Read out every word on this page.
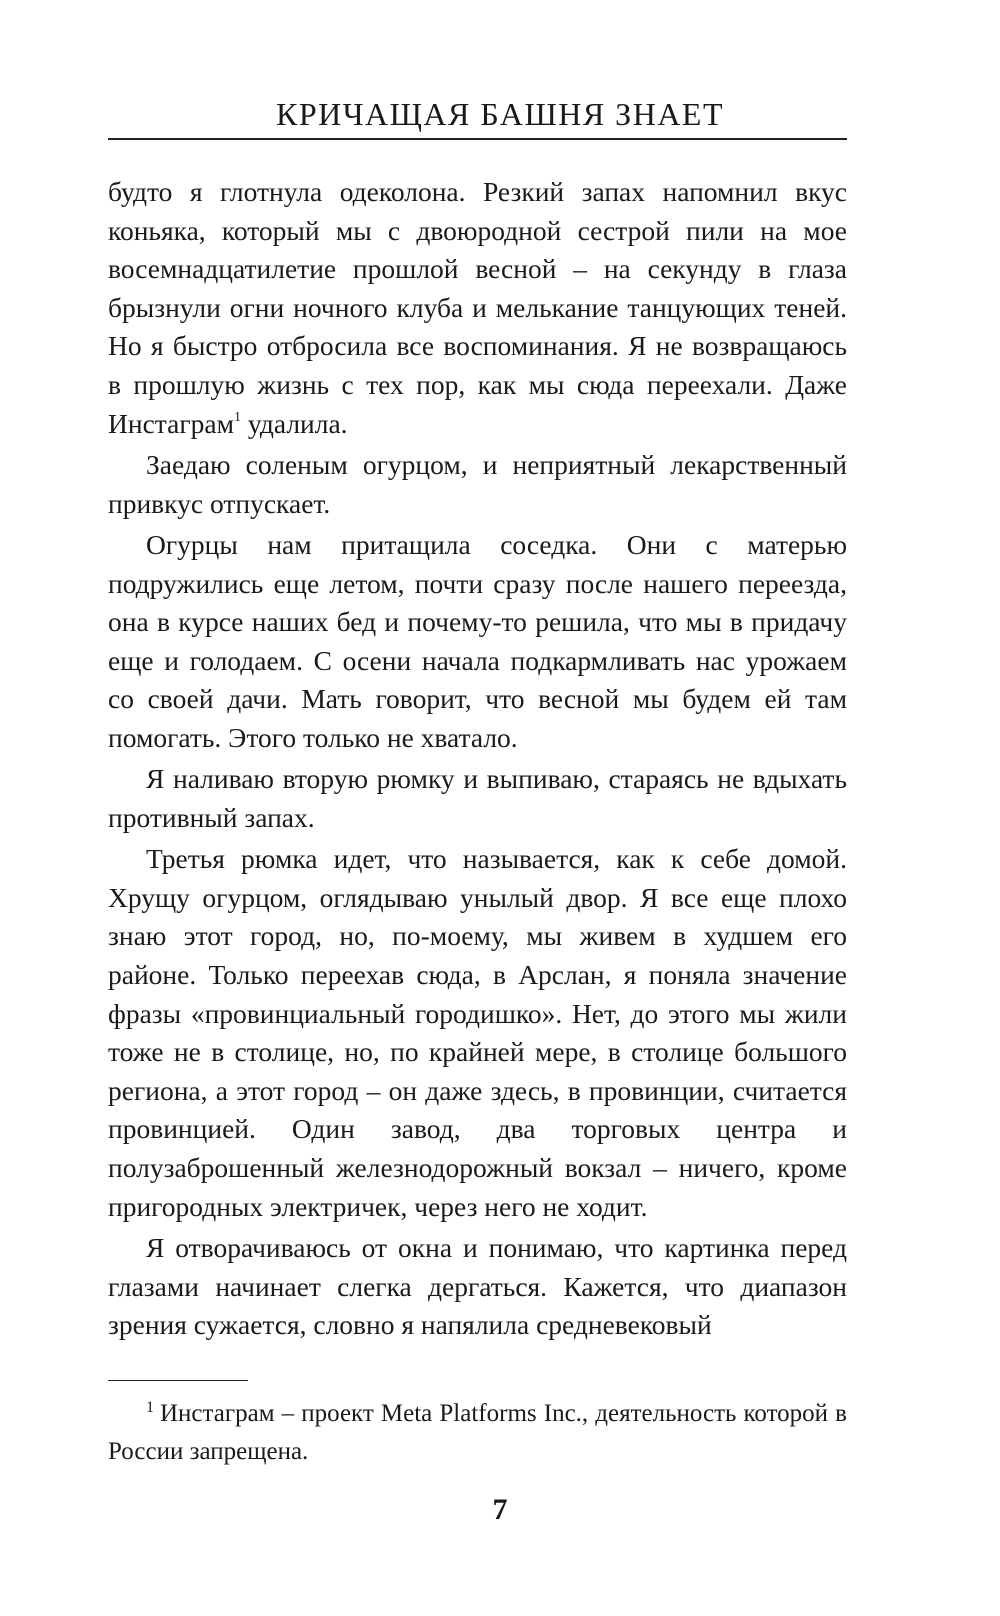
КРИЧАЩАЯ БАШНЯ ЗНАЕТ

будто я глотнула одеколона. Резкий запах напомнил вкус коньяка, который мы с двоюродной сестрой пили на мое восемнадцатилетие прошлой весной – на секунду в глаза брызнули огни ночного клуба и мелькание танцующих теней. Но я быстро отбросила все воспоминания. Я не возвращаюсь в прошлую жизнь с тех пор, как мы сюда переехали. Даже Инстаграм$^1$ удалила.

Заедаю соленым огурцом, и неприятный лекарственный привкус отпускает.

Огурцы нам притащила соседка. Они с матерью подружились еще летом, почти сразу после нашего переезда, она в курсе наших бед и почему-то решила, что мы в придачу еще и голодаем. С осени начала подкармливать нас урожаем со своей дачи. Мать говорит, что весной мы будем ей там помогать. Этого только не хватало.

Я наливаю вторую рюмку и выпиваю, стараясь не вдыхать противный запах.

Третья рюмка идет, что называется, как к себе домой. Хрущу огурцом, оглядываю унылый двор. Я все еще плохо знаю этот город, но, по-моему, мы живем в худшем его районе. Только переехав сюда, в Арслан, я поняла значение фразы «провинциальный городишко». Нет, до этого мы жили тоже не в столице, но, по крайней мере, в столице большого региона, а этот город – он даже здесь, в провинции, считается провинцией. Один завод, два торговых центра и полузаброшенный железнодорожный вокзал – ничего, кроме пригородных электричек, через него не ходит.

Я отворачиваюсь от окна и понимаю, что картинка перед глазами начинает слегка дергаться. Кажется, что диапазон зрения сужается, словно я напялила средневековый

$^1$ Инстаграм – проект Meta Platforms Inc., деятельность которой в России запрещена.

7
